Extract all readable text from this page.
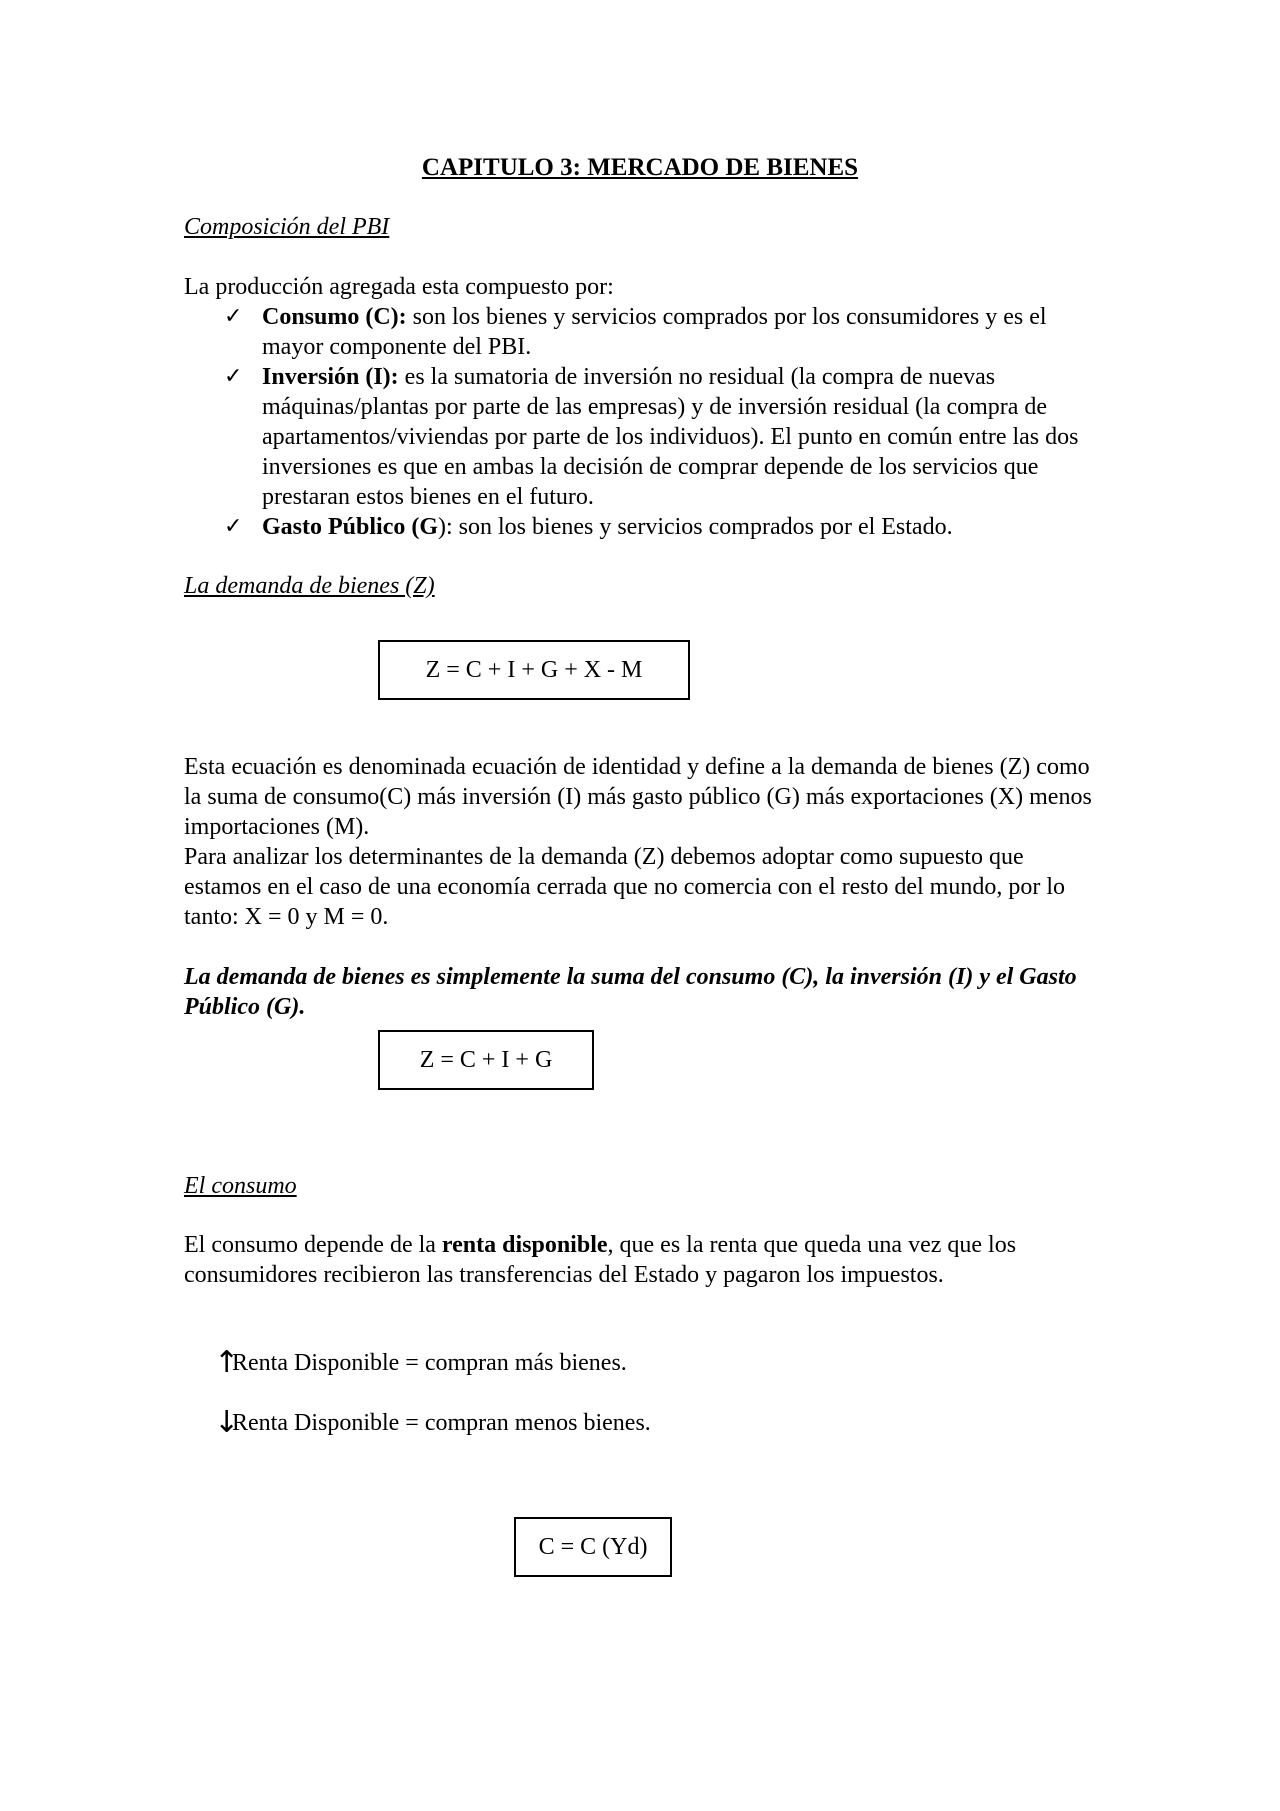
CAPITULO 3: MERCADO DE BIENES
Composición del PBI

La producción agregada esta compuesto por:

✓ Consumo (C): son los bienes y servicios comprados por los consumidores y es el mayor componente del PBI.
✓ Inversión (I): es la sumatoria de inversión no residual (la compra de nuevas máquinas/plantas por parte de las empresas) y de inversión residual (la compra de apartamentos/viviendas por parte de los individuos). El punto en común entre las dos inversiones es que en ambas la decisión de comprar depende de los servicios que prestaran estos bienes en el futuro.
✓ Gasto Público (G): son los bienes y servicios comprados por el Estado.
La demanda de bienes (Z)
Z = C + I + G + X - M

Esta ecuación es denominada ecuación de identidad y define a la demanda de bienes (Z) como la suma de consumo(C) más inversión (I) más gasto público (G) más exportaciones (X) menos importaciones (M).

Para analizar los determinantes de la demanda (Z) debemos adoptar como supuesto que estamos en el caso de una economía cerrada que no comercia con el resto del mundo, por lo tanto: X = 0 y M = 0.

La demanda de bienes es simplemente la suma del consumo (C), la inversión (I) y el Gasto Público (G).

Z = C + I + G
El consumo

El consumo depende de la renta disponible, que es la renta que queda una vez que los consumidores recibieron las transferencias del Estado y pagaron los impuestos.

↑
Renta Disponible = compran más bienes.
↓
Renta Disponible = compran menos bienes.
C = C (Yd)
